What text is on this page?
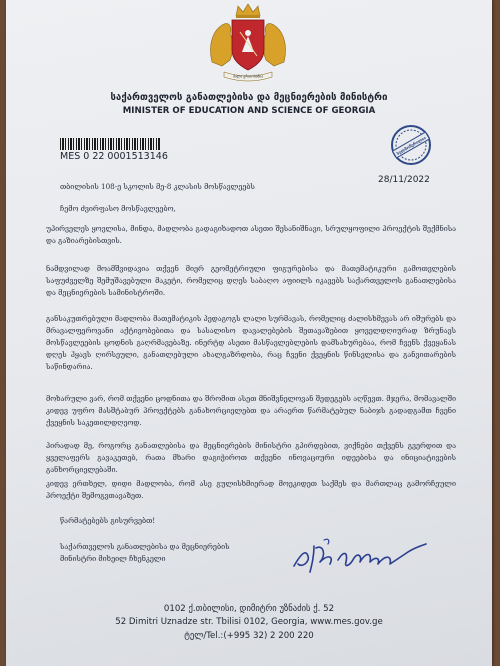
ძალა ერთობაშია
საქართველოს განათლებისა და მეცნიერების მინისტრი
MINISTER OF EDUCATION AND SCIENCE OF GEORGIA
MES 0 22 0001513146
ხელმოწერილია
28/11/2022

თბილისის 108-ე სკოლის მე-8 კლასის მოსწავლეებს

ჩემო ძვირფასო მოსწავლეებო,

უპირველეს ყოვლისა, მინდა, მადლობა გადაგიხადოთ ასეთი შესანიშნავი, სრულყოფილი პროექტის შექმნისა და გაზიარებისთვის.

ნამდვილად მოამშვიდავია თქვენ მიერ გეომეტრიული ფიგურებისა და მათემატიკური გამოთვლების საფუძველზე შემუშავებული მაკეტი, რომელიც დღეს საბაღო აფიილს იკავებს საქართველოს განათლებისა და მეცნიერების სამინისტროში.

განსაკუთრებული მადლობა მათემატიკის პედაგოგს ლალი სურმავას, რომელიც ძალისხმევას არ იშურებს და მრავალფეროვანი აქტივობებითა და სასალისო დავალებების შეთავაზებით ყოველდღიურად ზრუნავს მოსწავლეების ცოდნის გაღრმავებაზე. ინერტდ ასეთი მასწავლებლების დამსახურებაა, რომ ჩვენს ქვეყანას დღეს ჰყავს ღირსეული, განათლებული ახალგაზრდობა, რაც ჩვენი ქვეყნის წინსვლისა და განვითარების საწინდარია.

მოხარული ვარ, რომ თქვენი ცოდნითა და შრომით ასეთ მნიშვნელოვან შედეგებს აღწევთ. მჯერა, მომავალში კიდევ უფრო მასშტაბურ პროექტებს განახორციელებთ და არაერთ წარმატებულ ნაბიჯს გადადგამთ ჩვენი ქვეყნის საკეთილდღეოდ.

პირადად მე, როგორც განათლებისა და მეცნიერების მინისტრი გპირდებით, ვიქნები თქვენს გვერდით და ყველაფერს გავაკეთებ, რათა მხარი დაგიჭიროთ თქვენი ინოვაციური იდეებისა და ინიციატივების განხორციელებაში.

კიდევ ერთხელ, დიდი მადლობა, რომ ასე გულისხმიერად მოეკიდეთ საქმეს და მართლაც გამორჩეული პროექტი შემოგვთავაზეთ.

წარმატებებს გისურვებთ!

საქართველოს განათლებისა და მეცნიერების

მინისტრი მიხეილ ჩხენკელი

0102 ქ.თბილისი, დიმიტრი უზნაძის ქ. 52
52 Dimitri Uznadze str. Tbilisi 0102, Georgia, www.mes.gov.ge
ტელ/Tel.:(+995 32) 2 200 220
